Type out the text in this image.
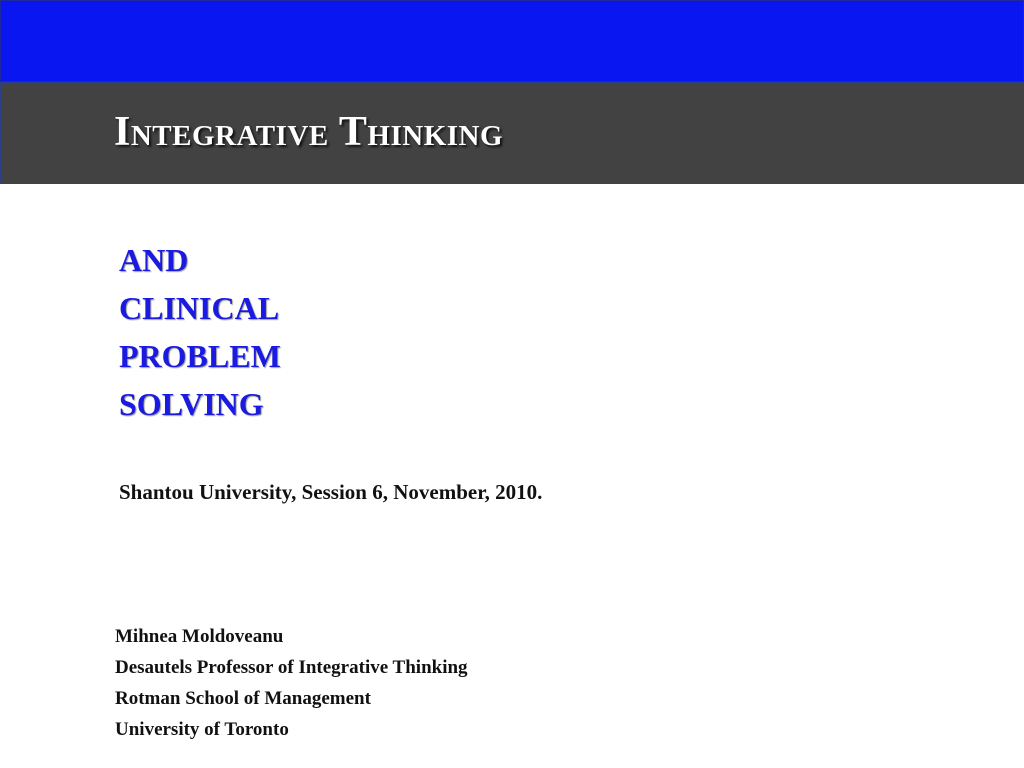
Integrative Thinking
AND
CLINICAL
PROBLEM
SOLVING

Shantou University, Session 6, November, 2010.

Mihnea Moldoveanu
Desautels Professor of Integrative Thinking
Rotman School of Management
University of Toronto
